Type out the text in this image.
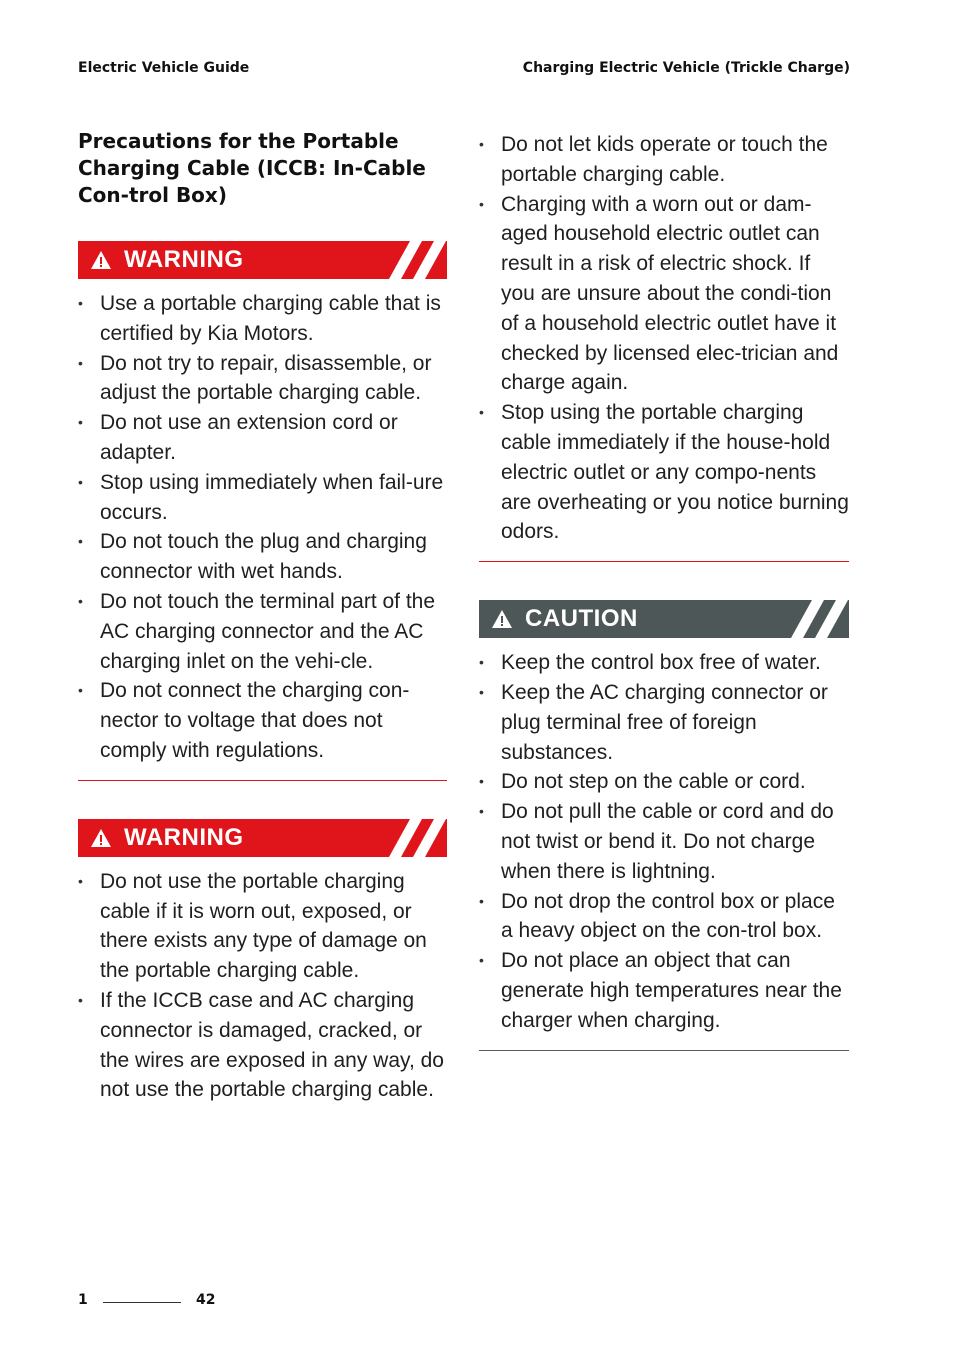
Electric Vehicle Guide	Charging Electric Vehicle (Trickle Charge)
Precautions for the Portable Charging Cable (ICCB: In-Cable Con-trol Box)
WARNING
• Use a portable charging cable that is certified by Kia Motors.
• Do not try to repair, disassemble, or adjust the portable charging cable.
• Do not use an extension cord or adapter.
• Stop using immediately when fail-ure occurs.
• Do not touch the plug and charging connector with wet hands.
• Do not touch the terminal part of the AC charging connector and the AC charging inlet on the vehi-cle.
• Do not connect the charging con-nector to voltage that does not comply with regulations.
WARNING
• Do not use the portable charging cable if it is worn out, exposed, or there exists any type of damage on the portable charging cable.
• If the ICCB case and AC charging connector is damaged, cracked, or the wires are exposed in any way, do not use the portable charging cable.
• Do not let kids operate or touch the portable charging cable.
• Charging with a worn out or dam-aged household electric outlet can result in a risk of electric shock. If you are unsure about the condi-tion of a household electric outlet have it checked by licensed elec-trician and charge again.
• Stop using the portable charging cable immediately if the house-hold electric outlet or any compo-nents are overheating or you notice burning odors.
CAUTION
• Keep the control box free of water.
• Keep the AC charging connector or plug terminal free of foreign substances.
• Do not step on the cable or cord.
• Do not pull the cable or cord and do not twist or bend it. Do not charge when there is lightning.
• Do not drop the control box or place a heavy object on the con-trol box.
• Do not place an object that can generate high temperatures near the charger when charging.
1	42
